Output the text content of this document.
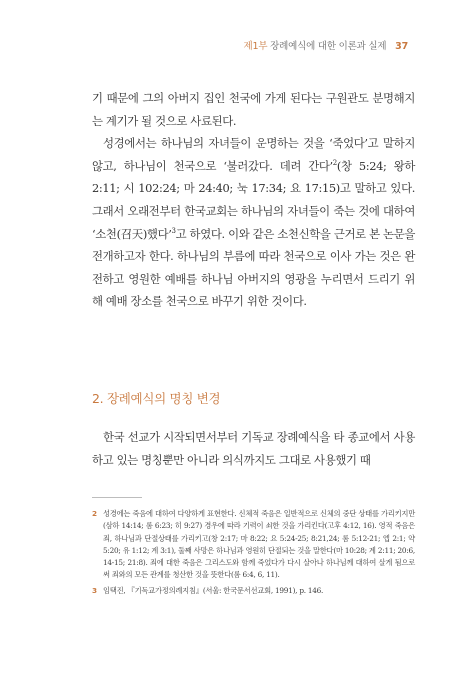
제1부 장례예식에 대한 이론과 실제 37

기 때문에 그의 아버지 집인 천국에 가게 된다는 구원관도 분명해지는 계기가 될 것으로 사료된다.

성경에서는 하나님의 자녀들이 운명하는 것을 ‘죽었다’고 말하지 않고, 하나님이 천국으로 ‘불러갔다. 데려 간다’$^2$(창 5:24; 왕하 2:11; 시 102:24; 마 24:40; 눅 17:34; 요 17:15)고 말하고 있다. 그래서 오래전부터 한국교회는 하나님의 자녀들이 죽는 것에 대하여 ‘소천(召天)했다’$^3$고 하였다. 이와 같은 소천신학을 근거로 본 논문을 전개하고자 한다. 하나님의 부름에 따라 천국으로 이사 가는 것은 완전하고 영원한 예배를 하나님 아버지의 영광을 누리면서 드리기 위해 예배 장소를 천국으로 바꾸기 위한 것이다.

2. 장례예식의 명칭 변경

한국 선교가 시작되면서부터 기독교 장례예식을 타 종교에서 사용하고 있는 명칭뿐만 아니라 의식까지도 그대로 사용했기 때

2 성경에는 죽음에 대하여 다양하게 표현한다. 신체적 죽음은 일반적으로 신체의 중단 상태를 가리키지만(삼하 14:14; 롬 6:23; 히 9:27) 경우에 따라 기력이 쇠한 것을 가리킨다(고후 4:12, 16). 영적 죽음은 죄, 하나님과 단절상태를 가리키고(창 2:17; 마 8:22; 요 5:24-25; 8:21,24; 롬 5:12-21; 엡 2:1; 약 5:20; 유 1:12; 계 3:1), 둘째 사망은 하나님과 영원히 단절되는 것을 말한다(마 10:28; 계 2:11; 20:6, 14-15; 21:8). 죄에 대한 죽음은 그리스도와 함께 죽었다가 다시 살아나 하나님께 대하여 살게 됨으로써 죄와의 모든 관계를 청산한 것을 뜻한다(롬 6:4, 6, 11).
3 임택진, 『기독교가정의례지침』(서울: 한국문서선교회, 1991), p. 146.
